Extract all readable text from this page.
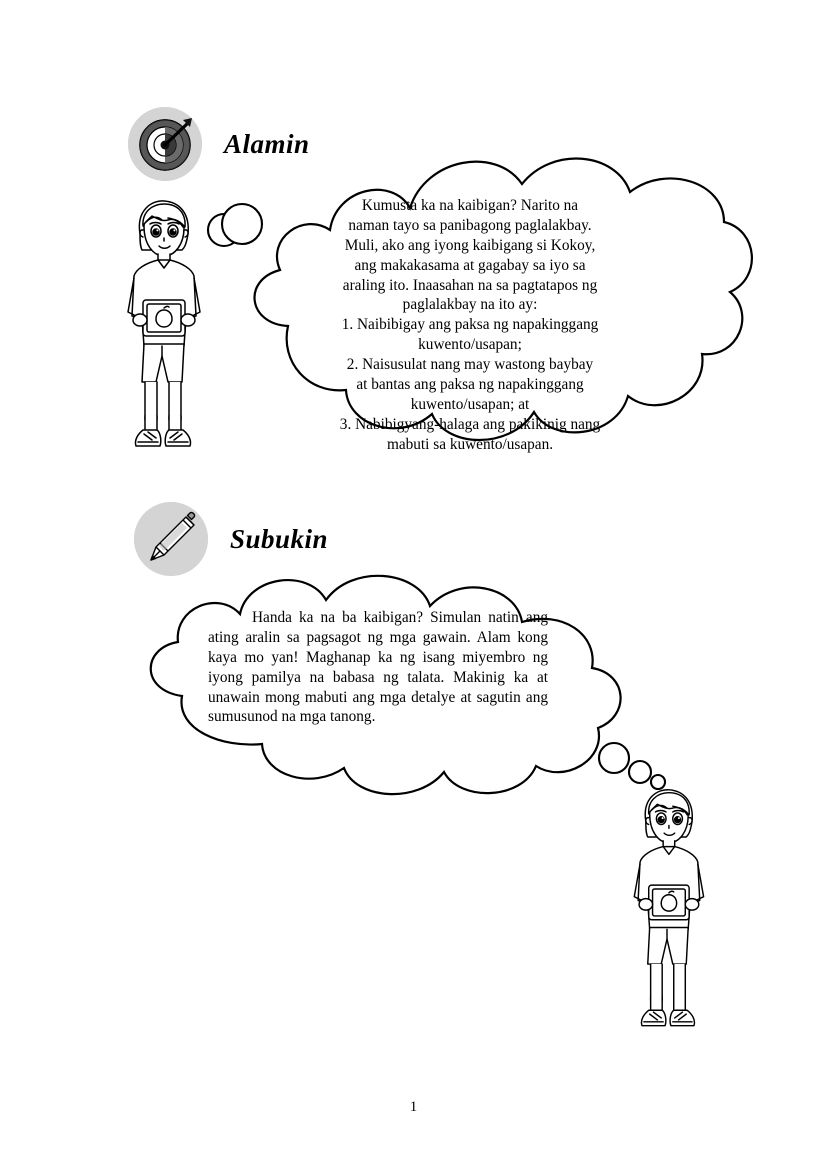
Alamin
Kumusta ka na kaibigan? Narito na
naman tayo sa panibagong paglalakbay.
Muli, ako ang iyong kaibigang si Kokoy,
ang makakasama at gagabay sa iyo sa
araling ito. Inaasahan na sa pagtatapos ng
paglalakbay na ito ay:
1. Naibibigay ang paksa ng napakinggang
kuwento/usapan;
2. Naisusulat nang may wastong baybay
at bantas ang paksa ng napakinggang
kuwento/usapan; at
3. Nabibigyang-halaga ang pakikinig nang
mabuti sa kuwento/usapan.
Subukin
Handa ka na ba kaibigan? Simulan natin ang ating aralin sa pagsagot ng mga gawain. Alam kong kaya mo yan! Maghanap ka ng isang miyembro ng iyong pamilya na babasa ng talata. Makinig ka at unawain mong mabuti ang mga detalye at sagutin ang sumusunod na mga tanong.
1
